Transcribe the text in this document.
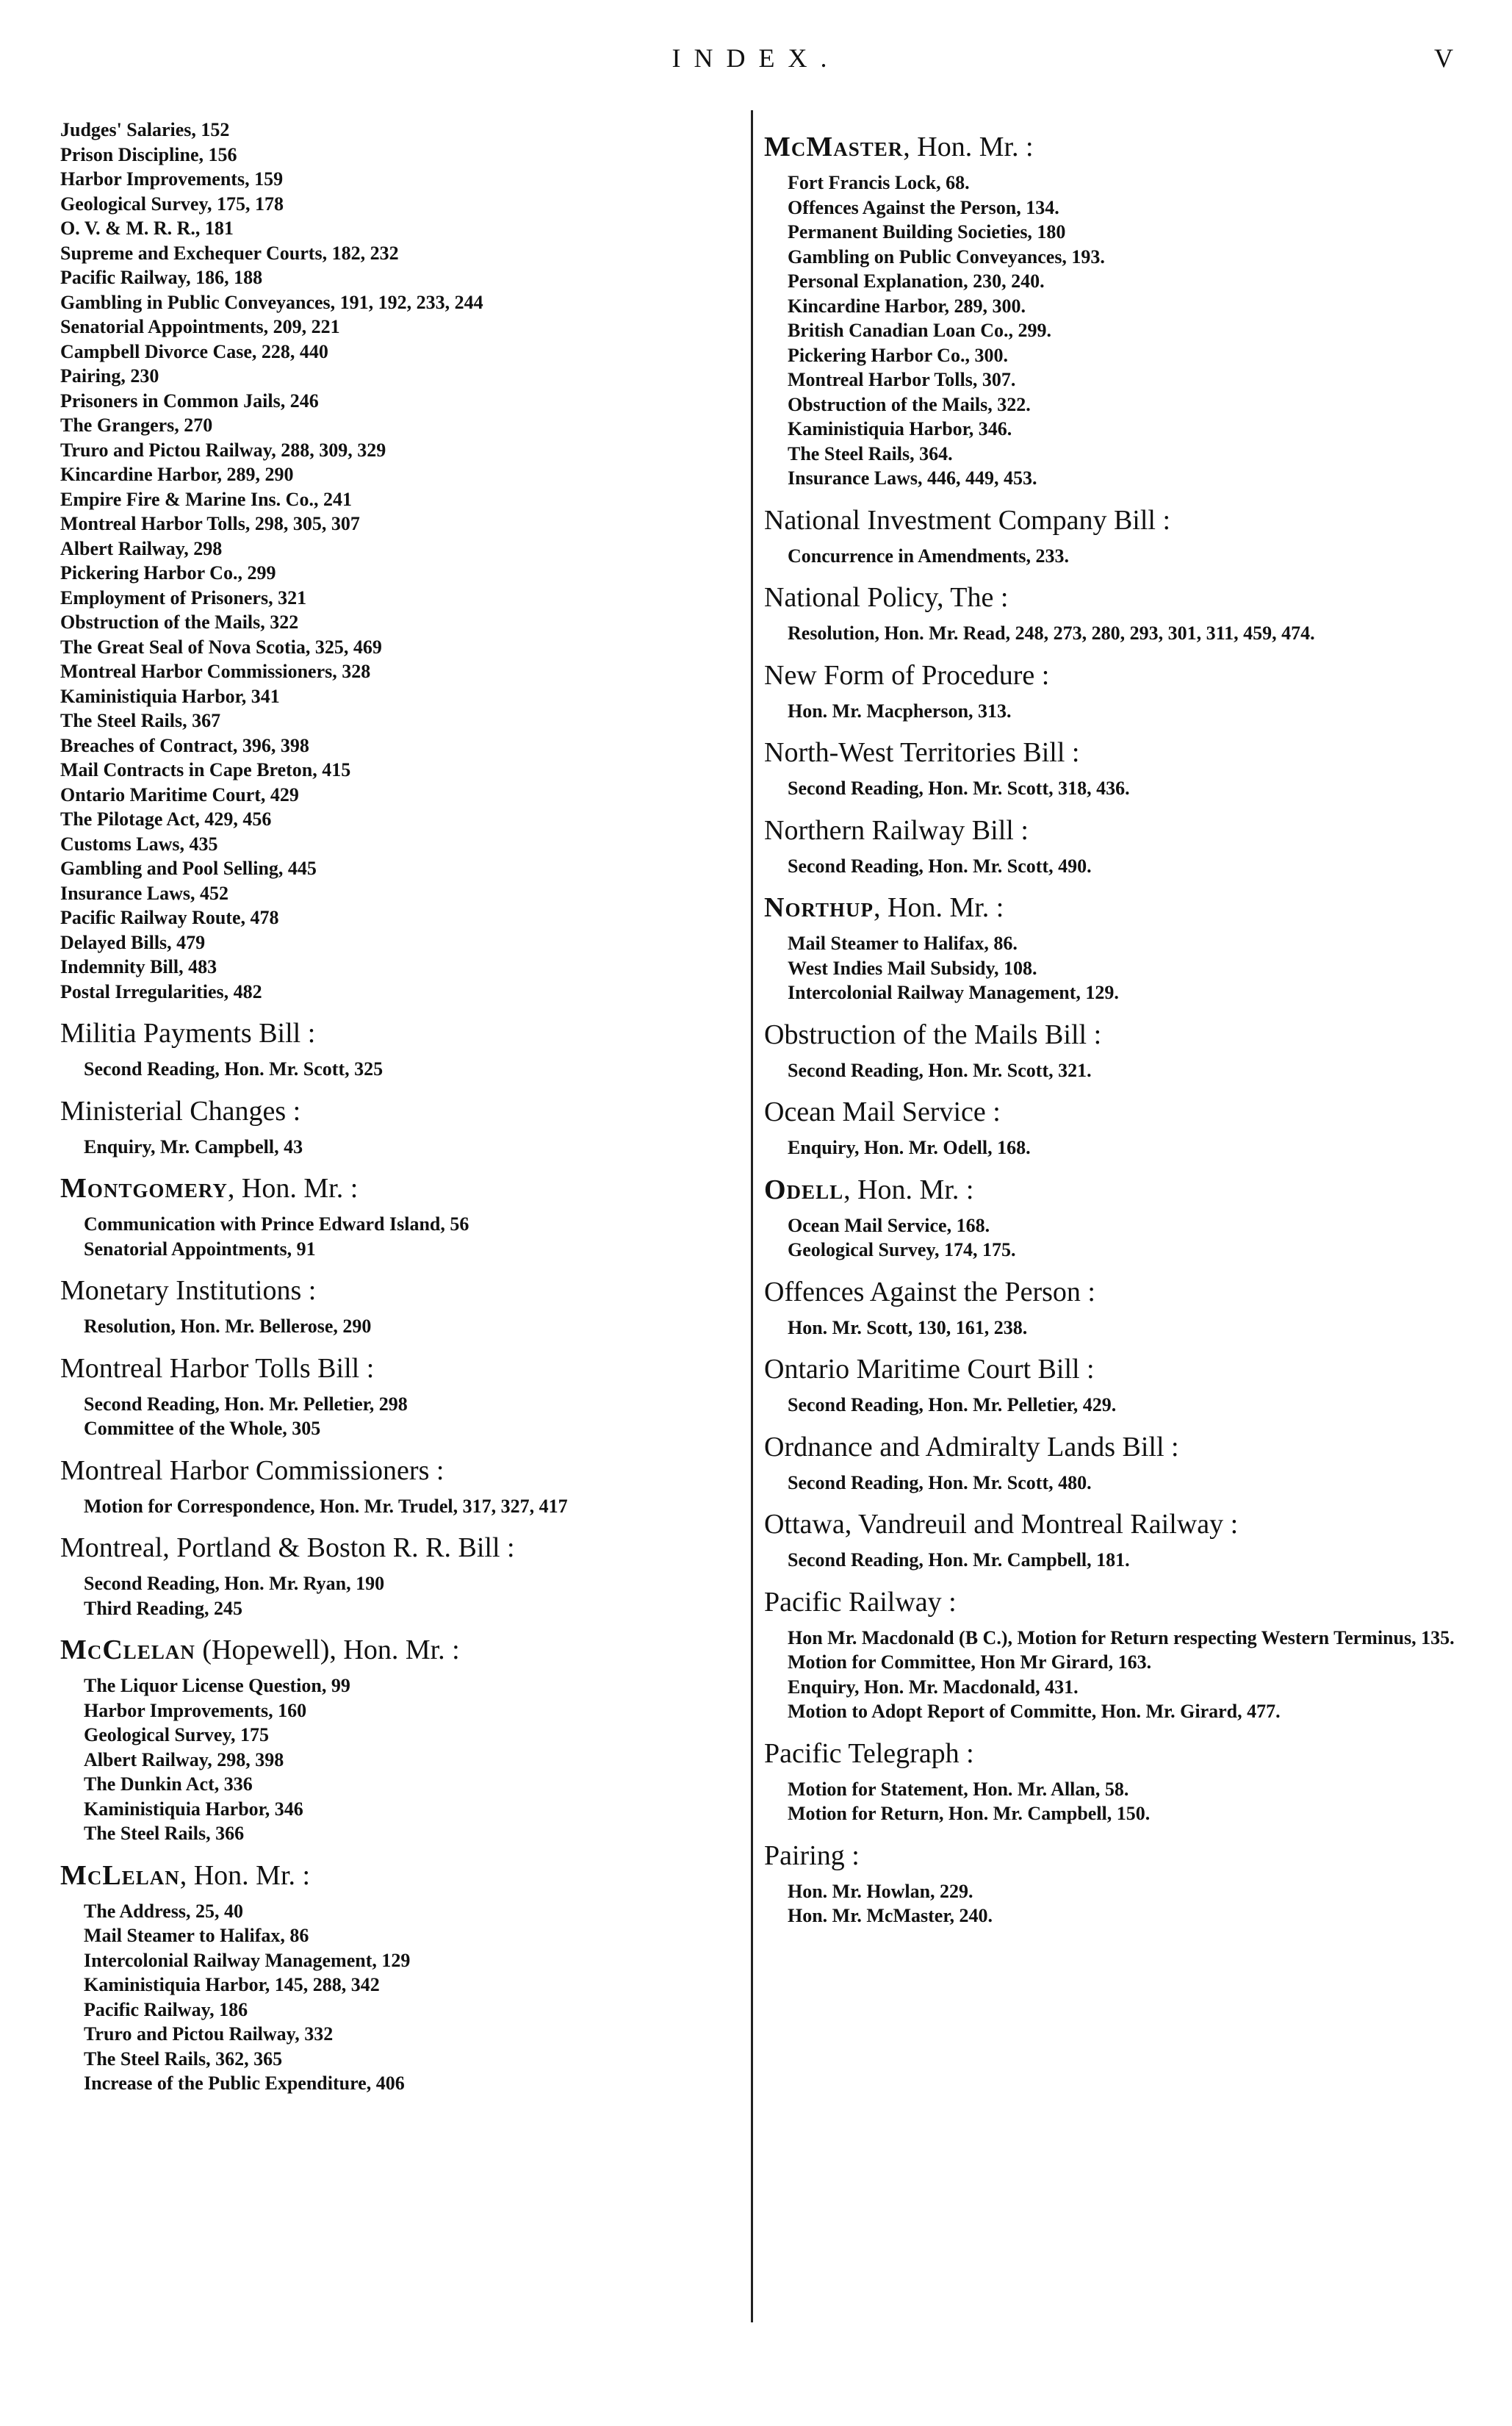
INDEX.	V
Judges' Salaries, 152
Prison Discipline, 156
Harbor Improvements, 159
Geological Survey, 175, 178
O. V. & M. R. R., 181
Supreme and Exchequer Courts, 182, 232
Pacific Railway, 186, 188
Gambling in Public Conveyances, 191, 192, 233, 244
Senatorial Appointments, 209, 221
Campbell Divorce Case, 228, 440
Pairing, 230
Prisoners in Common Jails, 246
The Grangers, 270
Truro and Pictou Railway, 288, 309, 329
Kincardine Harbor, 289, 290
Empire Fire & Marine Ins. Co., 241
Montreal Harbor Tolls, 298, 305, 307
Albert Railway, 298
Pickering Harbor Co., 299
Employment of Prisoners, 321
Obstruction of the Mails, 322
The Great Seal of Nova Scotia, 325, 469
Montreal Harbor Commissioners, 328
Kaministiquia Harbor, 341
The Steel Rails, 367
Breaches of Contract, 396, 398
Mail Contracts in Cape Breton, 415
Ontario Maritime Court, 429
The Pilotage Act, 429, 456
Customs Laws, 435
Gambling and Pool Selling, 445
Insurance Laws, 452
Pacific Railway Route, 478
Delayed Bills, 479
Indemnity Bill, 483
Postal Irregularities, 482
Militia Payments Bill :
Second Reading, Hon. Mr. Scott, 325
Ministerial Changes :
Enquiry, Mr. Campbell, 43
Montgomery, Hon. Mr. :
Communication with Prince Edward Island, 56
Senatorial Appointments, 91
Monetary Institutions :
Resolution, Hon. Mr. Bellerose, 290
Montreal Harbor Tolls Bill :
Second Reading, Hon. Mr. Pelletier, 298
Committee of the Whole, 305
Montreal Harbor Commissioners :
Motion for Correspondence, Hon. Mr. Trudel, 317, 327, 417
Montreal, Portland & Boston R. R. Bill :
Second Reading, Hon. Mr. Ryan, 190
Third Reading, 245
McClelan (Hopewell), Hon. Mr. :
The Liquor License Question, 99
Harbor Improvements, 160
Geological Survey, 175
Albert Railway, 298, 398
The Dunkin Act, 336
Kaministiquia Harbor, 346
The Steel Rails, 366
McLelan, Hon. Mr. :
The Address, 25, 40
Mail Steamer to Halifax, 86
Intercolonial Railway Management, 129
Kaministiquia Harbor, 145, 288, 342
Pacific Railway, 186
Truro and Pictou Railway, 332
The Steel Rails, 362, 365
Increase of the Public Expenditure, 406
McMaster, Hon. Mr. :
Fort Francis Lock, 68.
Offences Against the Person, 134.
Permanent Building Societies, 180
Gambling on Public Conveyances, 193.
Personal Explanation, 230, 240.
Kincardine Harbor, 289, 300.
British Canadian Loan Co., 299.
Pickering Harbor Co., 300.
Montreal Harbor Tolls, 307.
Obstruction of the Mails, 322.
Kaministiquia Harbor, 346.
The Steel Rails, 364.
Insurance Laws, 446, 449, 453.
National Investment Company Bill :
Concurrence in Amendments, 233.
National Policy, The :
Resolution, Hon. Mr. Read, 248, 273, 280, 293, 301, 311, 459, 474.
New Form of Procedure :
Hon. Mr. Macpherson, 313.
North-West Territories Bill :
Second Reading, Hon. Mr. Scott, 318, 436.
Northern Railway Bill :
Second Reading, Hon. Mr. Scott, 490.
Northup, Hon. Mr. :
Mail Steamer to Halifax, 86.
West Indies Mail Subsidy, 108.
Intercolonial Railway Management, 129.
Obstruction of the Mails Bill :
Second Reading, Hon. Mr. Scott, 321.
Ocean Mail Service :
Enquiry, Hon. Mr. Odell, 168.
Odell, Hon. Mr. :
Ocean Mail Service, 168.
Geological Survey, 174, 175.
Offences Against the Person :
Hon. Mr. Scott, 130, 161, 238.
Ontario Maritime Court Bill :
Second Reading, Hon. Mr. Pelletier, 429.
Ordnance and Admiralty Lands Bill :
Second Reading, Hon. Mr. Scott, 480.
Ottawa, Vandreuil and Montreal Railway :
Second Reading, Hon. Mr. Campbell, 181.
Pacific Railway :
Hon Mr. Macdonald (B C.), Motion for Return respecting Western Terminus, 135.
Motion for Committee, Hon Mr Girard, 163.
Enquiry, Hon. Mr. Macdonald, 431.
Motion to Adopt Report of Committe, Hon. Mr. Girard, 477.
Pacific Telegraph :
Motion for Statement, Hon. Mr. Allan, 58.
Motion for Return, Hon. Mr. Campbell, 150.
Pairing :
Hon. Mr. Howlan, 229.
Hon. Mr. McMaster, 240.
